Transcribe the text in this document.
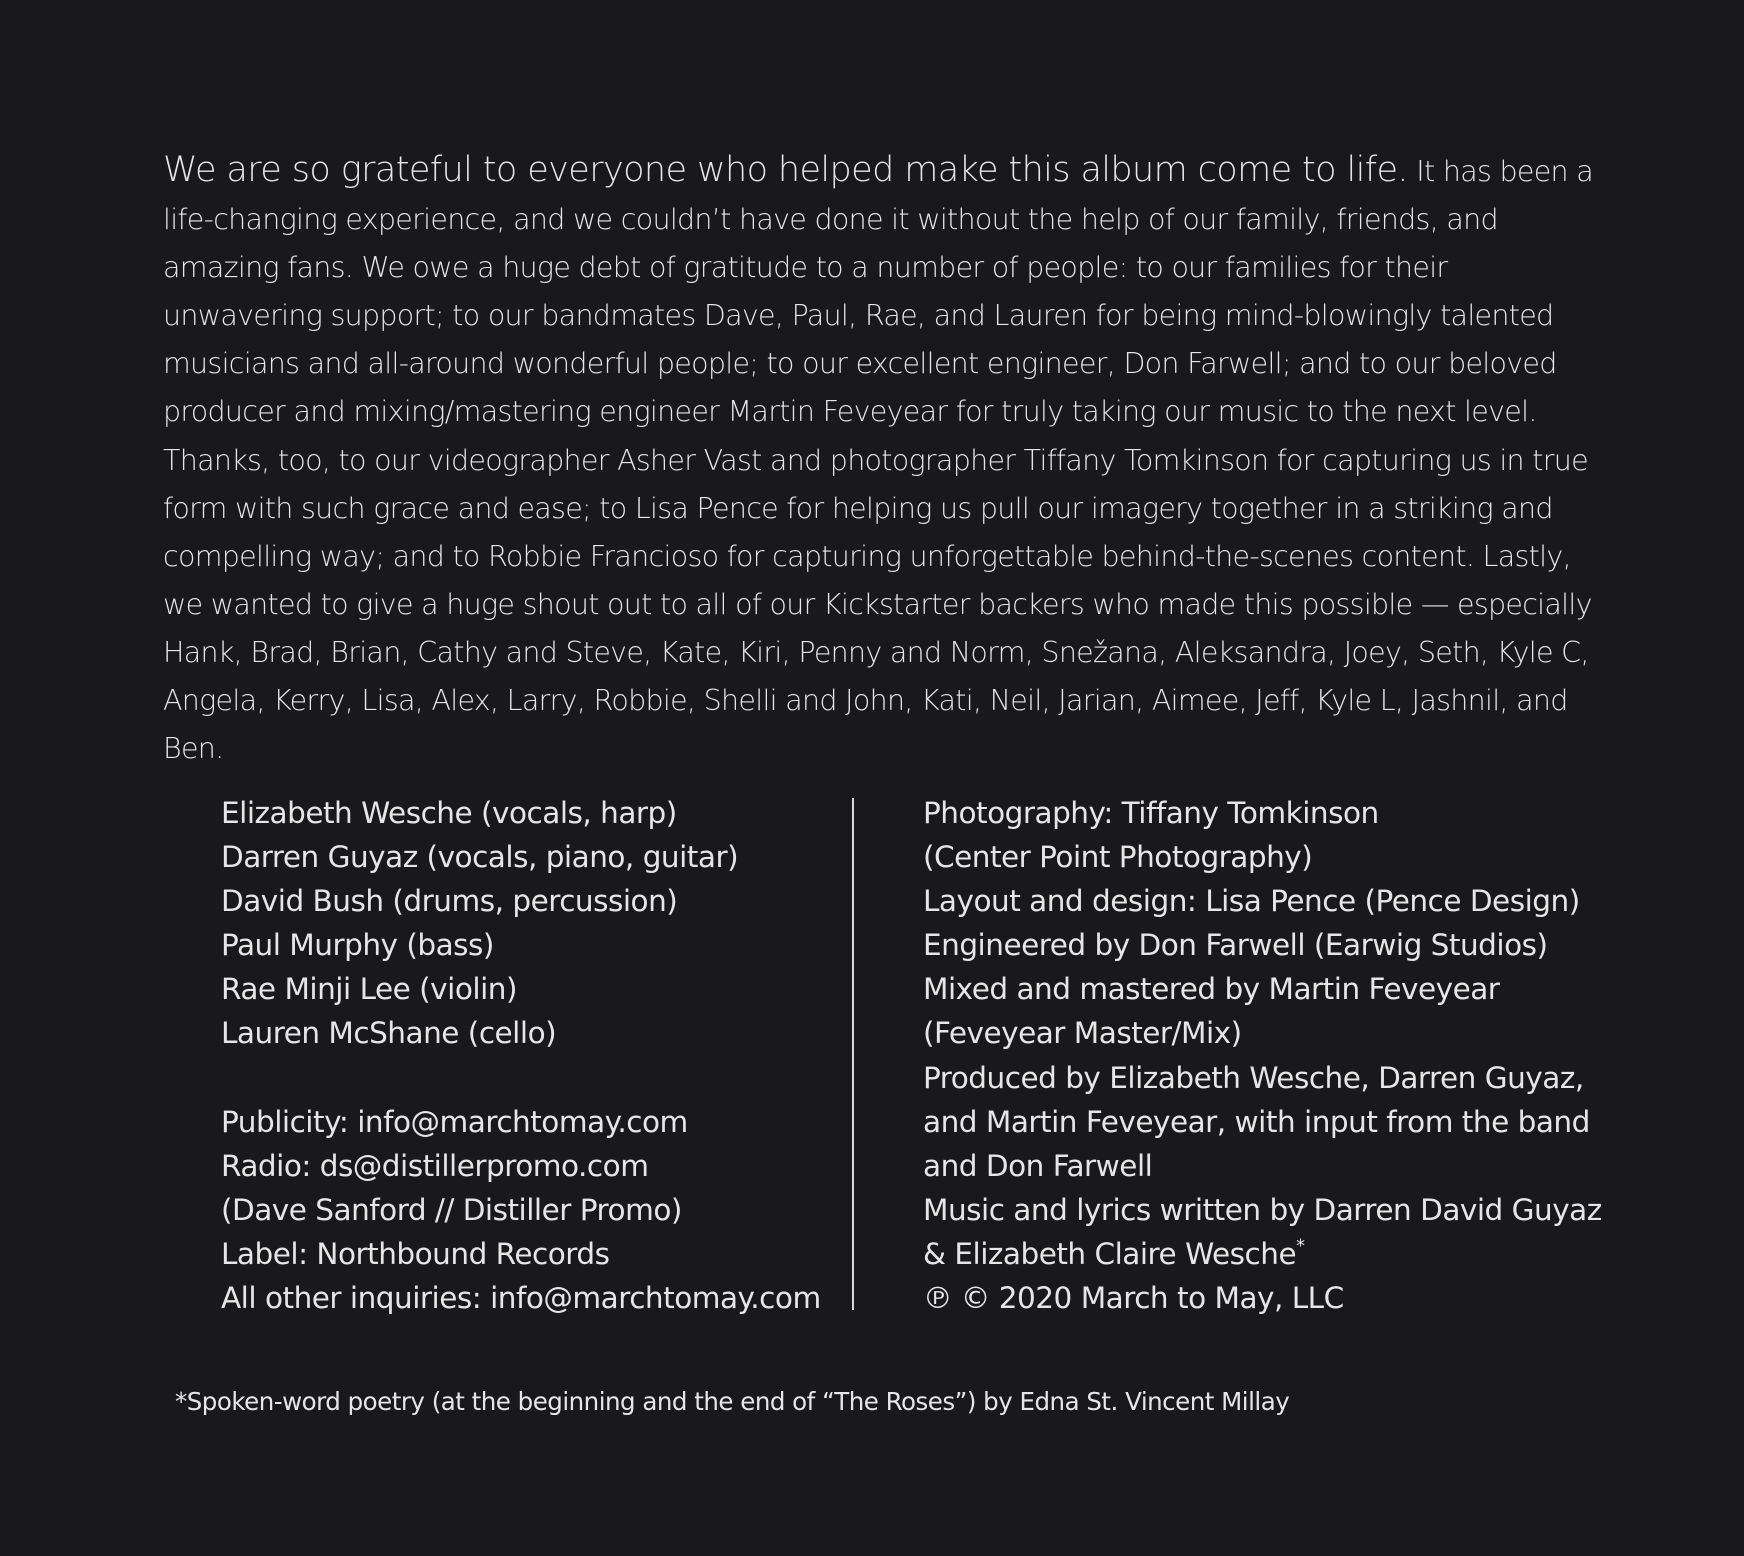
We are so grateful to everyone who helped make this album come to life. It has been a life-changing experience, and we couldn’t have done it without the help of our family, friends, and amazing fans. We owe a huge debt of gratitude to a number of people: to our families for their unwavering support; to our bandmates Dave, Paul, Rae, and Lauren for being mind-blowingly talented musicians and all-around wonderful people; to our excellent engineer, Don Farwell; and to our beloved producer and mixing/mastering engineer Martin Feveyear for truly taking our music to the next level. Thanks, too, to our videographer Asher Vast and photographer Tiffany Tomkinson for capturing us in true form with such grace and ease; to Lisa Pence for helping us pull our imagery together in a striking and compelling way; and to Robbie Francioso for capturing unforgettable behind-the-scenes content. Lastly, we wanted to give a huge shout out to all of our Kickstarter backers who made this possible — especially Hank, Brad, Brian, Cathy and Steve, Kate, Kiri, Penny and Norm, Snežana, Aleksandra, Joey, Seth, Kyle C, Angela, Kerry, Lisa, Alex, Larry, Robbie, Shelli and John, Kati, Neil, Jarian, Aimee, Jeff, Kyle L, Jashnil, and Ben.

Elizabeth Wesche (vocals, harp)
Darren Guyaz (vocals, piano, guitar)
David Bush (drums, percussion)
Paul Murphy (bass)
Rae Minji Lee (violin)
Lauren McShane (cello)
Publicity: info@marchtomay.com
Radio: ds@distillerpromo.com
(Dave Sanford // Distiller Promo)
Label: Northbound Records
All other inquiries: info@marchtomay.com
Photography: Tiffany Tomkinson
(Center Point Photography)
Layout and design: Lisa Pence (Pence Design)
Engineered by Don Farwell (Earwig Studios)
Mixed and mastered by Martin Feveyear
(Feveyear Master/Mix)
Produced by Elizabeth Wesche, Darren Guyaz,
and Martin Feveyear, with input from the band
and Don Farwell
Music and lyrics written by Darren David Guyaz
& Elizabeth Claire Wesche*
℗ © 2020 March to May, LLC

*Spoken-word poetry (at the beginning and the end of “The Roses”) by Edna St. Vincent Millay
